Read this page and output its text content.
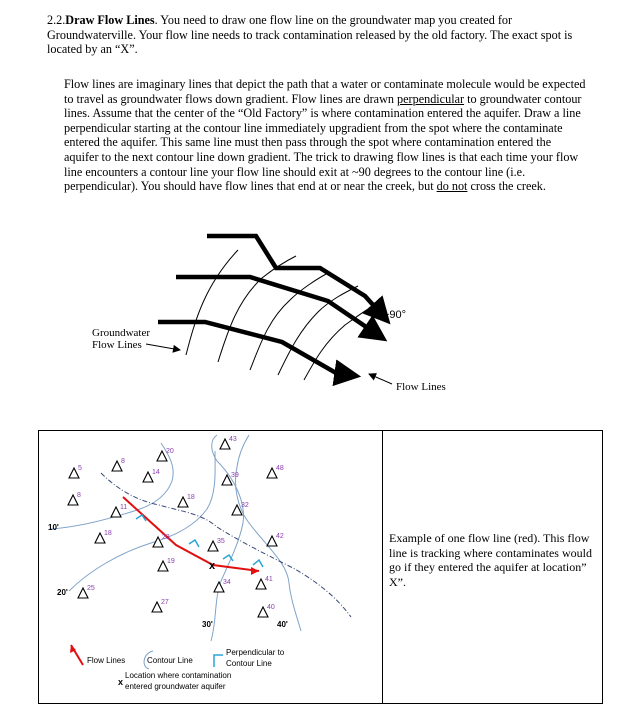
2.2.Draw Flow Lines. You need to draw one flow line on the groundwater map you created for Groundwaterville. Your flow line needs to track contamination released by the old factory. The exact spot is located by an “X”.

Flow lines are imaginary lines that depict the path that a water or contaminate molecule would be expected to travel as groundwater flows down gradient. Flow lines are drawn perpendicular to groundwater contour lines. Assume that the center of the “Old Factory” is where contamination entered the aquifer. Draw a line perpendicular starting at the contour line immediately upgradient from the spot where the contaminate entered the aquifer. This same line must then pass through the spot where contamination entered the aquifer to the next contour line down gradient. The trick to drawing flow lines is that each time your flow line encounters a contour line your flow line should exit at ~90 degrees to the contour line (i.e. perpendicular). You should have flow lines that end at or near the creek, but do not cross the creek.

Groundwater
Flow Lines
~90°
Flow Lines
x
5
8
20
43
14	39
48
8
11
18
32
18
23
35
42
19
25
34	41
27
40
10'
20'
30'	40'
Flow Lines	Contour Line
Perpendicular to
Contour Line
x
Location where contamination
entered groundwater aquifer
Example of one flow line (red). This flow line is tracking where contaminates would go if they entered the aquifer at location” X”.
